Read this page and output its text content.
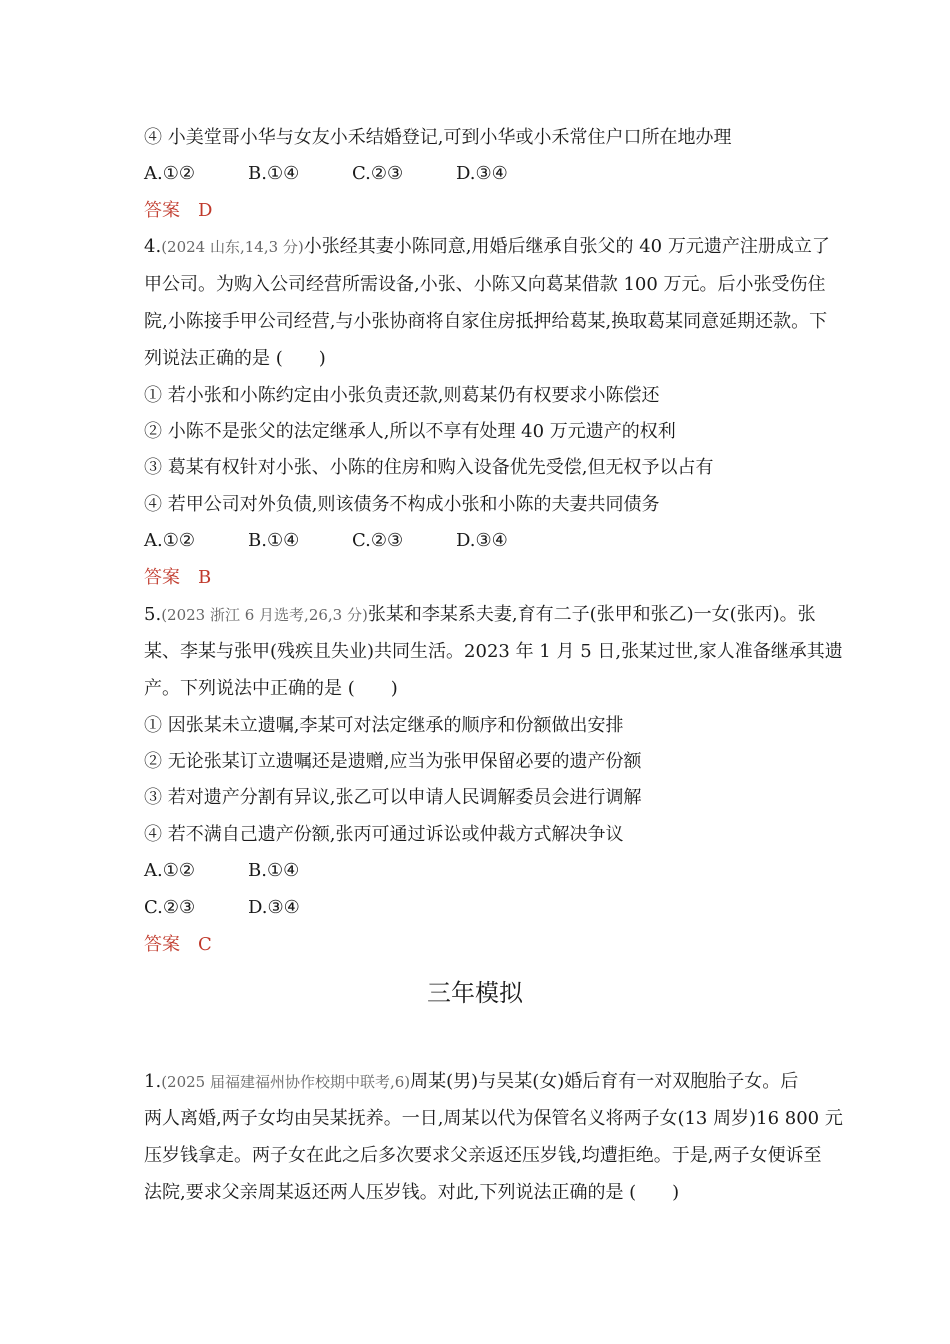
④ 小美堂哥小华与女友小禾结婚登记,可到小华或小禾常住户口所在地办理
A.①②	B.①④	C.②③	D.③④
答案 D
4.(2024 山东,14,3 分)小张经其妻小陈同意,用婚后继承自张父的 40 万元遗产注册成立了
甲公司。为购入公司经营所需设备,小张、小陈又向葛某借款 100 万元。后小张受伤住
院,小陈接手甲公司经营,与小张协商将自家住房抵押给葛某,换取葛某同意延期还款。下
列说法正确的是 (　　)
① 若小张和小陈约定由小张负责还款,则葛某仍有权要求小陈偿还
② 小陈不是张父的法定继承人,所以不享有处理 40 万元遗产的权利
③ 葛某有权针对小张、小陈的住房和购入设备优先受偿,但无权予以占有
④ 若甲公司对外负债,则该债务不构成小张和小陈的夫妻共同债务
A.①②	B.①④	C.②③	D.③④
答案 B
5.(2023 浙江 6 月选考,26,3 分)张某和李某系夫妻,育有二子(张甲和张乙)一女(张丙)。张
某、李某与张甲(残疾且失业)共同生活。2023 年 1 月 5 日,张某过世,家人准备继承其遗
产。下列说法中正确的是 (　　)
① 因张某未立遗嘱,李某可对法定继承的顺序和份额做出安排
② 无论张某订立遗嘱还是遗赠,应当为张甲保留必要的遗产份额
③ 若对遗产分割有异议,张乙可以申请人民调解委员会进行调解
④ 若不满自己遗产份额,张丙可通过诉讼或仲裁方式解决争议
A.①②	B.①④
C.②③	D.③④
答案 C
三年模拟
1.(2025 届福建福州协作校期中联考,6)周某(男)与吴某(女)婚后育有一对双胞胎子女。后
两人离婚,两子女均由吴某抚养。一日,周某以代为保管名义将两子女(13 周岁)16 800 元
压岁钱拿走。两子女在此之后多次要求父亲返还压岁钱,均遭拒绝。于是,两子女便诉至
法院,要求父亲周某返还两人压岁钱。对此,下列说法正确的是 (　　)
